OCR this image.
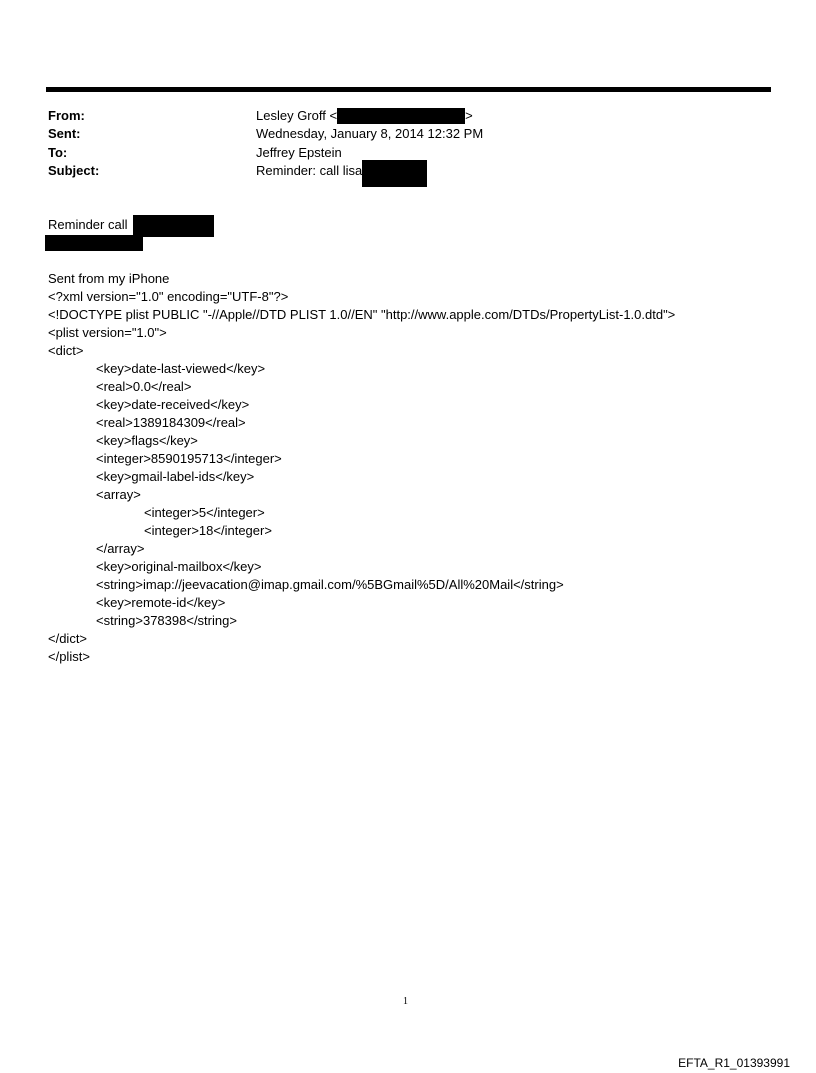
From:	Lesley Groff <	>
Sent:	Wednesday, January 8, 2014 12:32 PM
To:	Jeffrey Epstein
Subject:	Reminder: call lisa
Reminder call
Sent from my iPhone
<?xml version="1.0" encoding="UTF-8"?>
<!DOCTYPE plist PUBLIC "-//Apple//DTD PLIST 1.0//EN" "http://www.apple.com/DTDs/PropertyList-1.0.dtd">
<plist version="1.0">
<dict>
<key>date-last-viewed</key>
<real>0.0</real>
<key>date-received</key>
<real>1389184309</real>
<key>flags</key>
<integer>8590195713</integer>
<key>gmail-label-ids</key>
<array>
<integer>5</integer>
<integer>18</integer>
</array>
<key>original-mailbox</key>
<string>imap://jeevacation@imap.gmail.com/%5BGmail%5D/All%20Mail</string>
<key>remote-id</key>
<string>378398</string>
</dict>
</plist>
1
EFTA_R1_01393991
